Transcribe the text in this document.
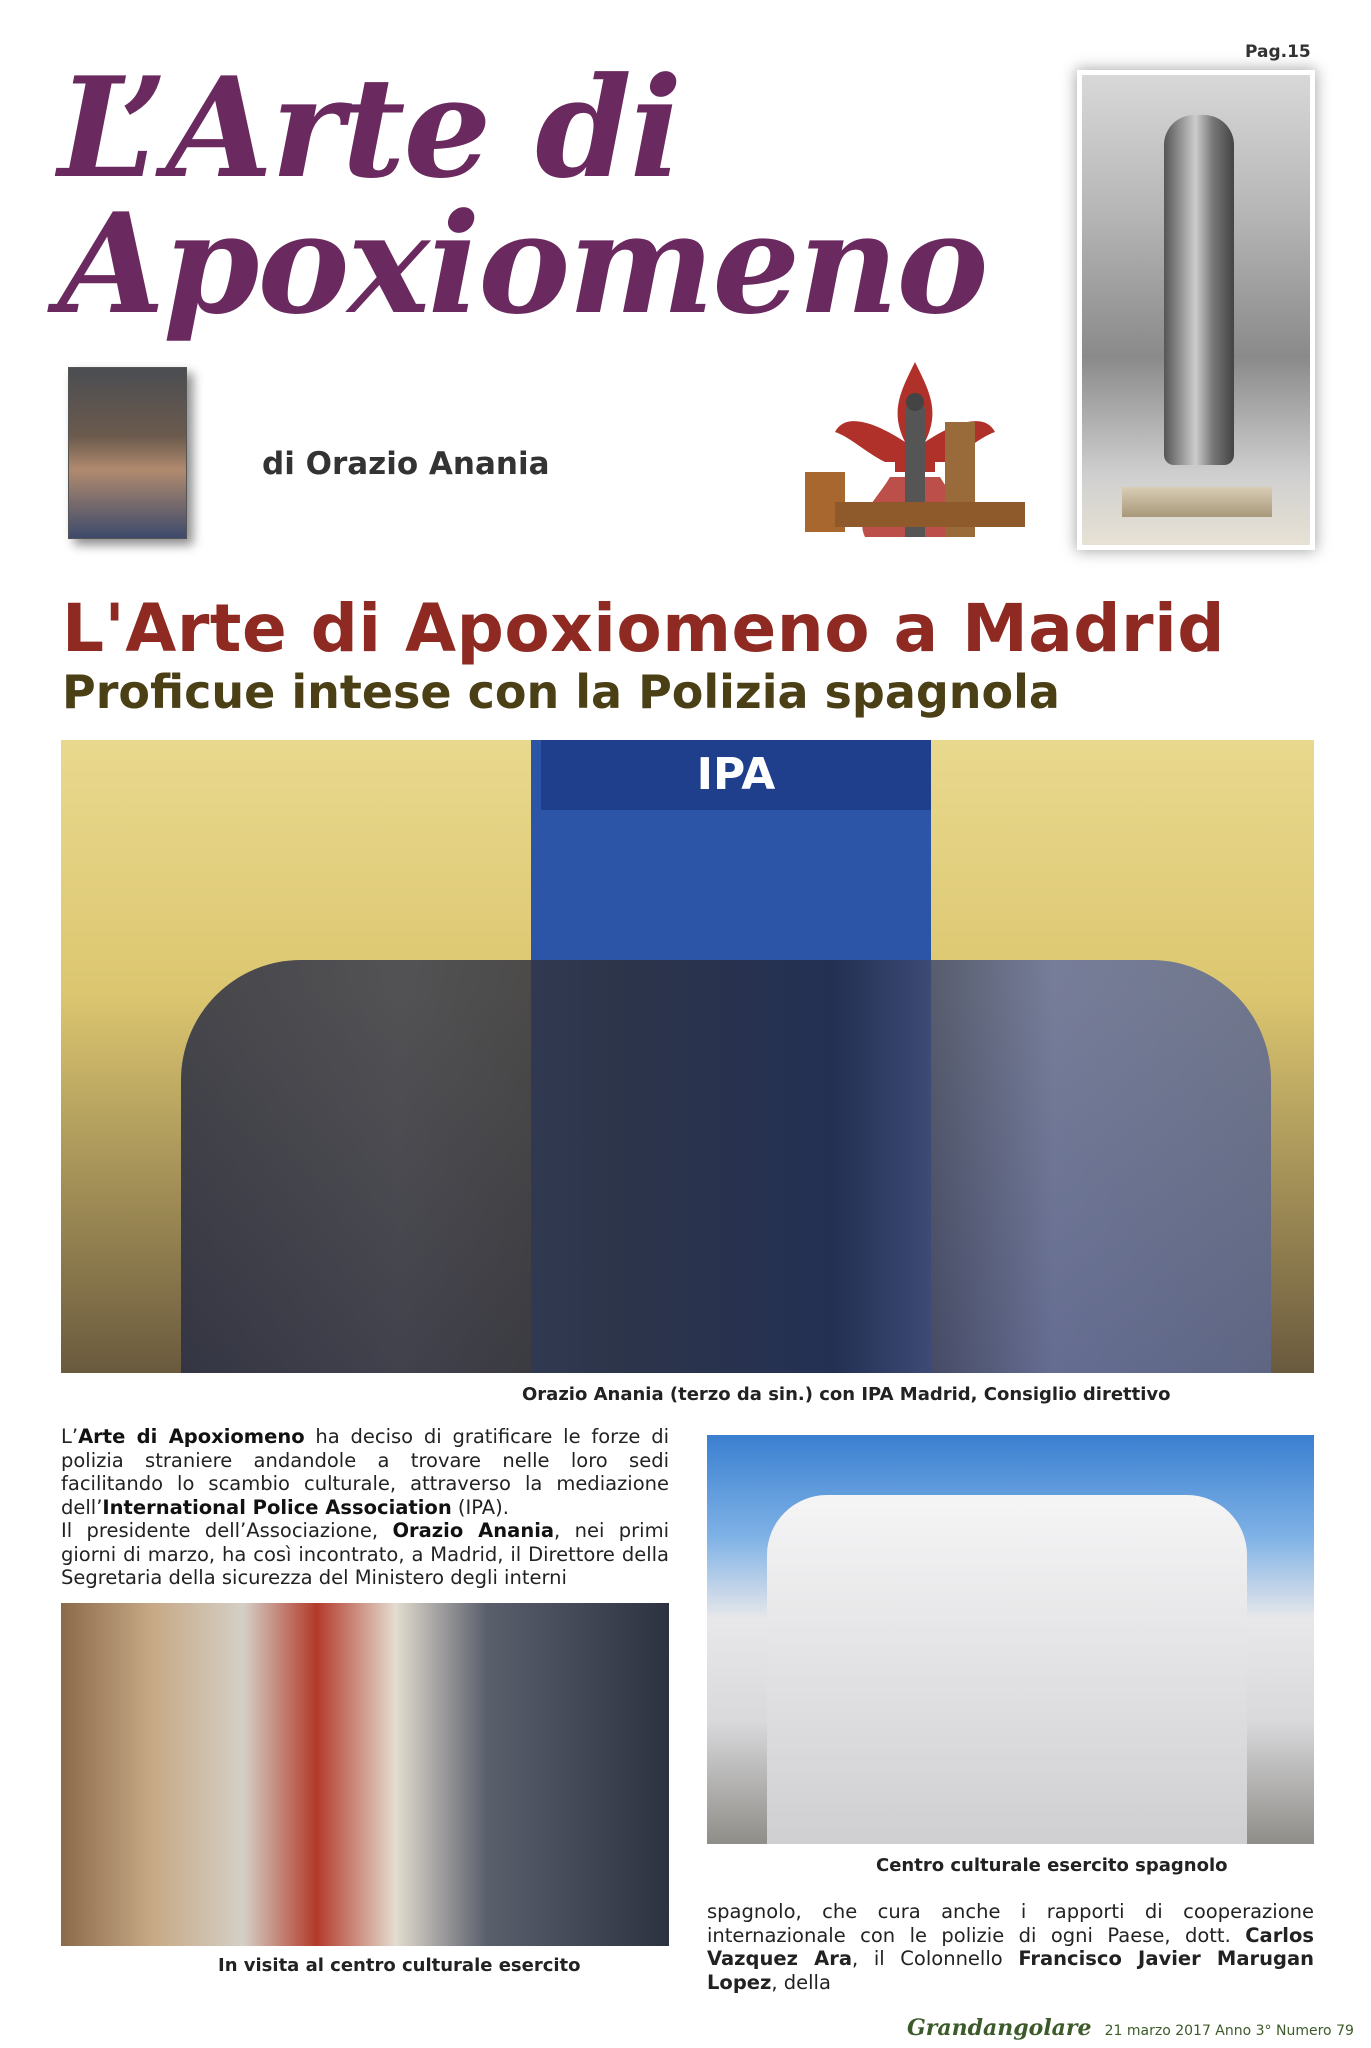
Pag.15
L’Arte di
Apoxiomeno
di Orazio Anania
L'Arte di Apoxiomeno a Madrid
Proficue intese con la Polizia spagnola
IPA
Orazio Anania (terzo da sin.) con IPA Madrid, Consiglio direttivo

L’Arte di Apoxiomeno ha deciso di gratificare le forze di polizia straniere andandole a trovare nelle loro sedi facilitando lo scambio culturale, attraverso la mediazione dell’International Police Association (IPA).

Il presidente dell’Associazione, Orazio Anania, nei primi giorni di marzo, ha così incontrato, a Madrid, il Direttore della Segretaria della sicurezza del Ministero degli interni

In visita al centro culturale esercito
Centro culturale esercito spagnolo

spagnolo, che cura anche i rapporti di cooperazione internazionale con le polizie di ogni Paese, dott. Carlos Vazquez Ara, il Colonnello Francisco Javier Marugan Lopez, della

Grandangolare 21 marzo 2017 Anno 3° Numero 79
